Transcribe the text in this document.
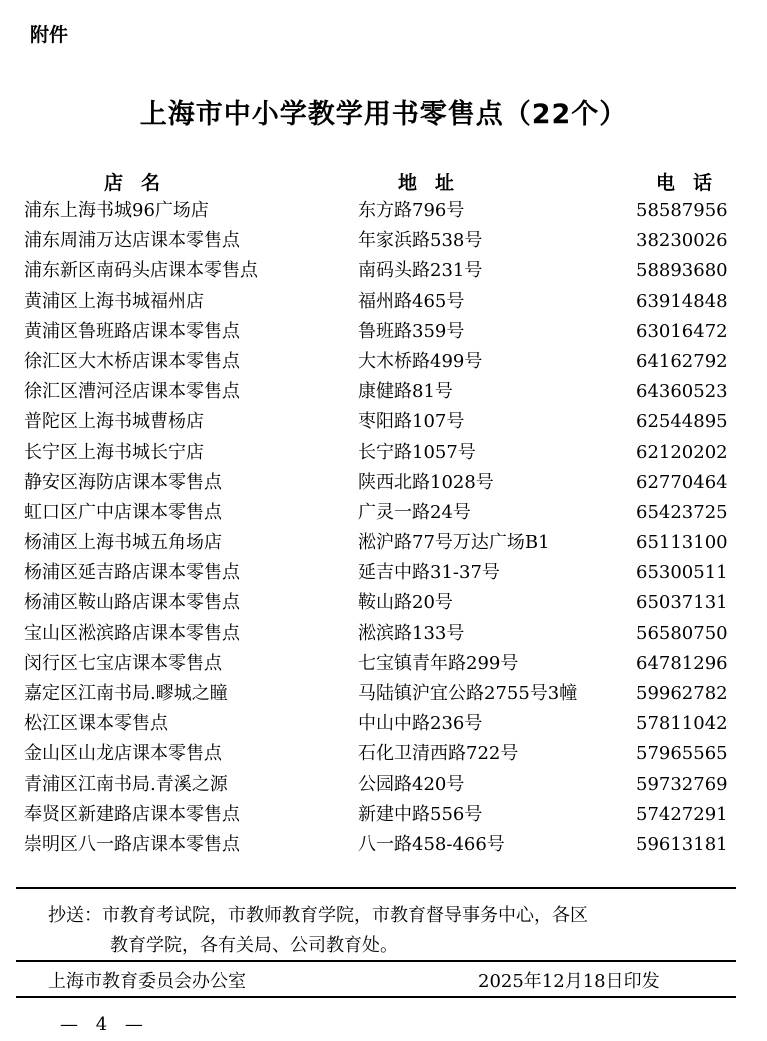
附件
上海市中小学教学用书零售点（22个）
店名	地址	电话
浦东上海书城96广场店	东方路796号	58587956
浦东周浦万达店课本零售点	年家浜路538号	38230026
浦东新区南码头店课本零售点	南码头路231号	58893680
黄浦区上海书城福州店	福州路465号	63914848
黄浦区鲁班路店课本零售点	鲁班路359号	63016472
徐汇区大木桥店课本零售点	大木桥路499号	64162792
徐汇区漕河泾店课本零售点	康健路81号	64360523
普陀区上海书城曹杨店	枣阳路107号	62544895
长宁区上海书城长宁店	长宁路1057号	62120202
静安区海防店课本零售点	陕西北路1028号	62770464
虹口区广中店课本零售点	广灵一路24号	65423725
杨浦区上海书城五角场店	淞沪路77号万达广场B1	65113100
杨浦区延吉路店课本零售点	延吉中路31-37号	65300511
杨浦区鞍山路店课本零售点	鞍山路20号	65037131
宝山区淞滨路店课本零售点	淞滨路133号	56580750
闵行区七宝店课本零售点	七宝镇青年路299号	64781296
嘉定区江南书局.疁城之瞳	马陆镇沪宜公路2755号3幢	59962782
松江区课本零售点	中山中路236号	57811042
金山区山龙店课本零售点	石化卫清西路722号	57965565
青浦区江南书局.青溪之源	公园路420号	59732769
奉贤区新建路店课本零售点	新建中路556号	57427291
崇明区八一路店课本零售点	八一路458-466号	59613181
抄送：市教育考试院，市教师教育学院，市教育督导事务中心，各区
教育学院，各有关局、公司教育处。
上海市教育委员会办公室	2025年12月18日印发
— 4 —
